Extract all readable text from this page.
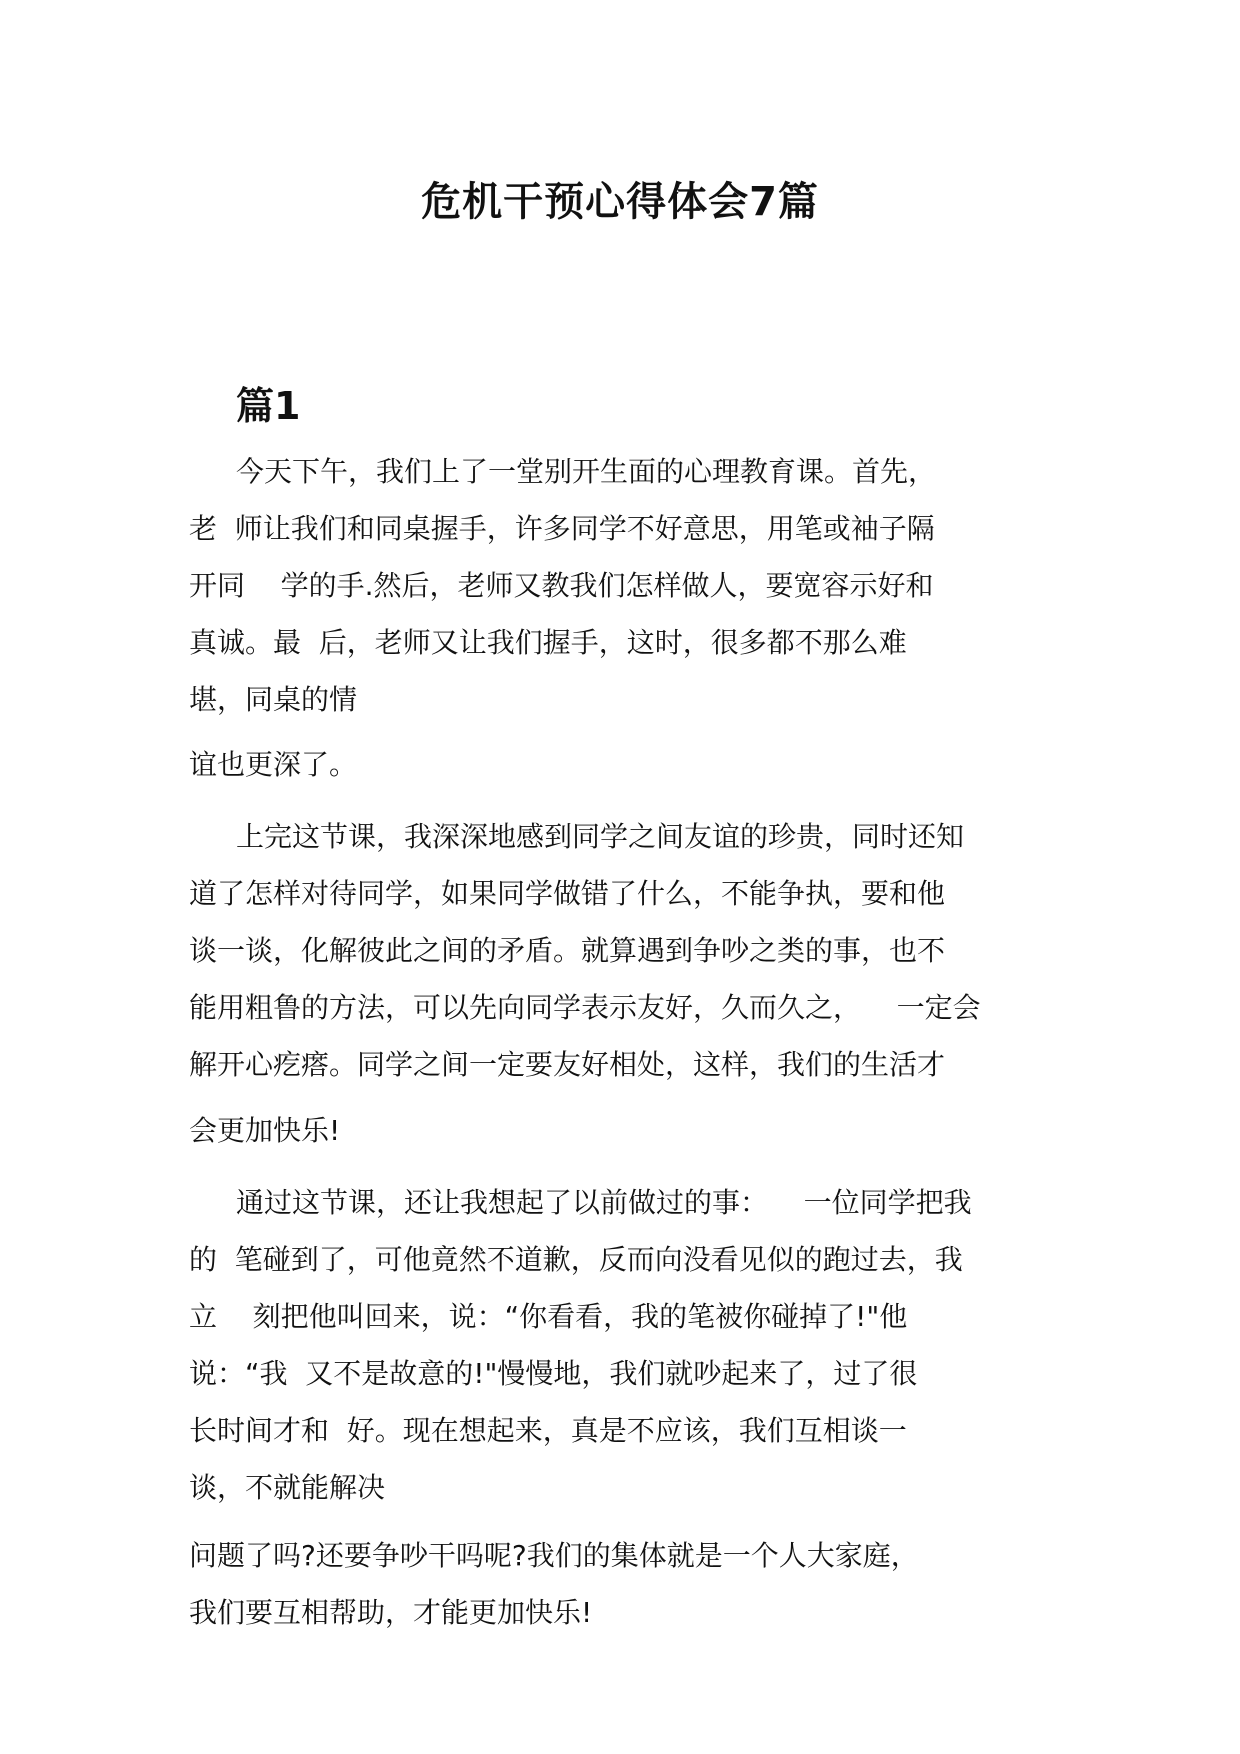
危机干预心得体会7篇
篇1
今天下午，我们上了一堂别开生面的心理教育课。首先，
老  师让我们和同桌握手，许多同学不好意思，用笔或袖子隔
开同    学的手.然后，老师又教我们怎样做人，要宽容示好和
真诚。最  后，老师又让我们握手，这时，很多都不那么难
堪，同桌的情
谊也更深了。
上完这节课，我深深地感到同学之间友谊的珍贵，同时还知
道了怎样对待同学，如果同学做错了什么，不能争执，要和他
谈一谈，化解彼此之间的矛盾。就算遇到争吵之类的事，也不
能用粗鲁的方法，可以先向同学表示友好，久而久之，    一定会
解开心疙瘩。同学之间一定要友好相处，这样，我们的生活才
会更加快乐!
通过这节课，还让我想起了以前做过的事：    一位同学把我
的  笔碰到了，可他竟然不道歉，反而向没看见似的跑过去，我
立    刻把他叫回来，说：“你看看，我的笔被你碰掉了!"他
说：“我  又不是故意的!"慢慢地，我们就吵起来了，过了很
长时间才和  好。现在想起来，真是不应该，我们互相谈一
谈，不就能解决
问题了吗?还要争吵干吗呢?我们的集体就是一个人大家庭，
我们要互相帮助，才能更加快乐!
